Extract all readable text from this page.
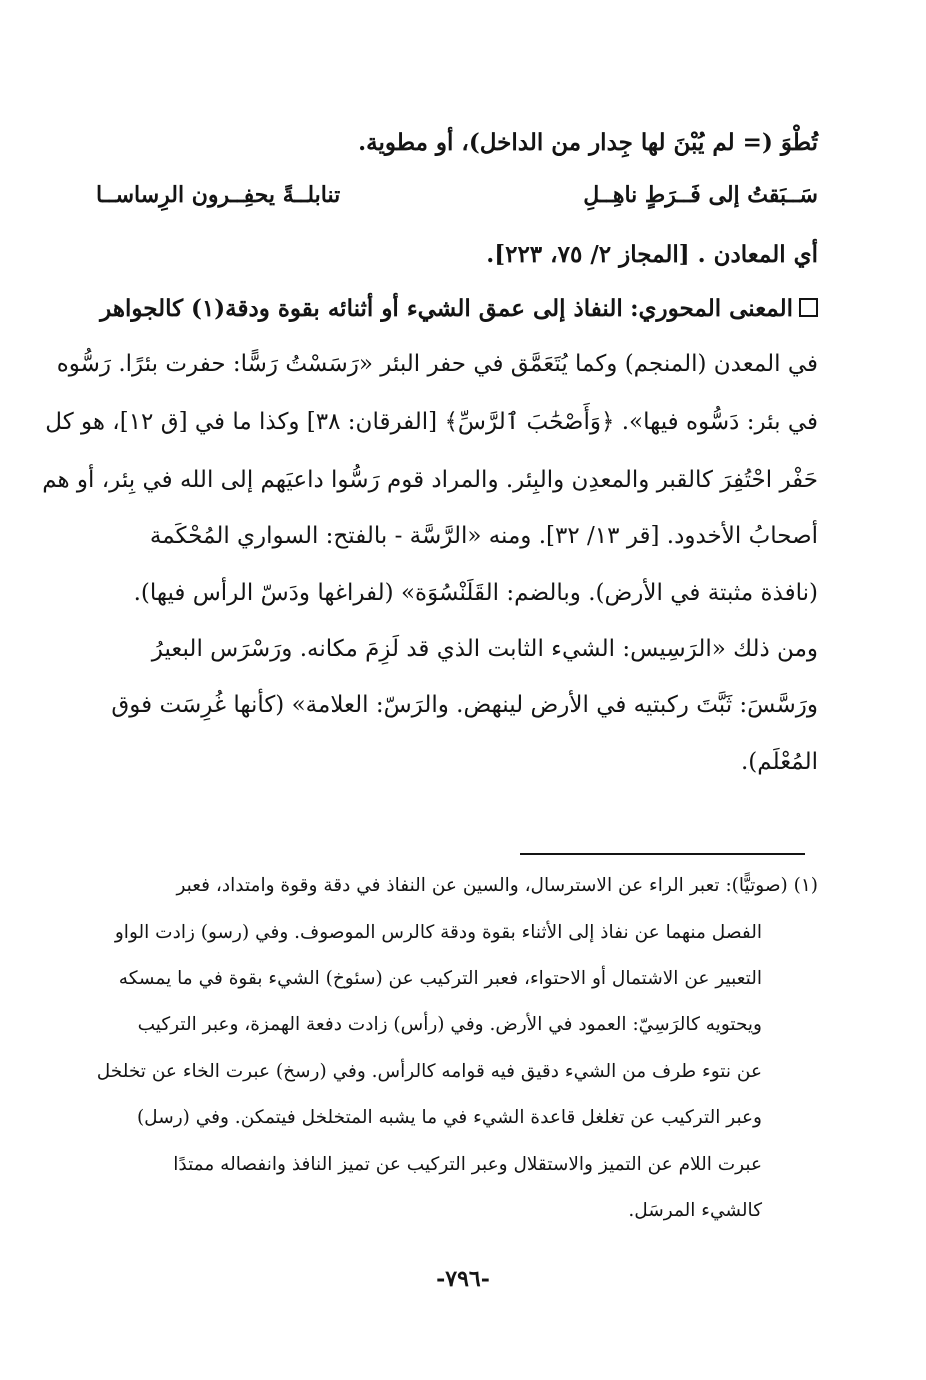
تُطْوَ (= لم يُبْنَ لها جِدار من الداخل)، أو مطوية.
سَــبَقتُ إلى فَــرَطٍ ناهِــلِ
تنابلــةً يحفِــرون الرِساســا
أي المعادن . [المجاز ٢/ ٧٥، ٢٢٣].
المعنى المحوري: النفاذ إلى عمق الشيء أو أثنائه بقوة ودقة(١) كالجواهر
في المعدن (المنجم) وكما يُتَعَمَّق في حفر البئر «رَسَسْتُ رَسًّا: حفرت بئرًا. رَسُّوه
في بئر: دَسُّوه فيها». ﴿وَأَصْحَٰبَ ٱلرَّسِّ﴾ [الفرقان: ٣٨] وكذا ما في [ق ١٢]، هو كل
حَفْر احْتُفِرَ كالقبر والمعدِن والبِئر. والمراد قوم رَسُّوا داعيَهم إلى الله في بِئر، أو هم
أصحابُ الأخدود. [قر ١٣/ ٣٢]. ومنه «الرَّسَّة - بالفتح: السواري المُحْكَمة
(نافذة مثبتة في الأرض). وبالضم: القَلَنْسُوَة» (لفراغها ودَسّ الرأس فيها).
ومن ذلك «الرَسِيس: الشيء الثابت الذي قد لَزِمَ مكانه. ورَسْرَس البعيرُ
ورَسَّسَ: ثَبَّتَ ركبتيه في الأرض لينهض. والرَسّ: العلامة» (كأنها غُرِسَت فوق
المُعْلَم).
(١) (صوتيًّا): تعبر الراء عن الاسترسال، والسين عن النفاذ في دقة وقوة وامتداد، فعبر
الفصل منهما عن نفاذ إلى الأثناء بقوة ودقة كالرس الموصوف. وفي (رسو) زادت الواو
التعبير عن الاشتمال أو الاحتواء، فعبر التركيب عن (سئوخ) الشيء بقوة في ما يمسكه
ويحتويه كالرَسِيّ: العمود في الأرض. وفي (رأس) زادت دفعة الهمزة، وعبر التركيب
عن نتوء طرف من الشيء دقيق فيه قوامه كالرأس. وفي (رسخ) عبرت الخاء عن تخلخل
وعبر التركيب عن تغلغل قاعدة الشيء في ما يشبه المتخلخل فيتمكن. وفي (رسل)
عبرت اللام عن التميز والاستقلال وعبر التركيب عن تميز النافذ وانفصاله ممتدًا
كالشيء المرسَل.
-٧٩٦-
